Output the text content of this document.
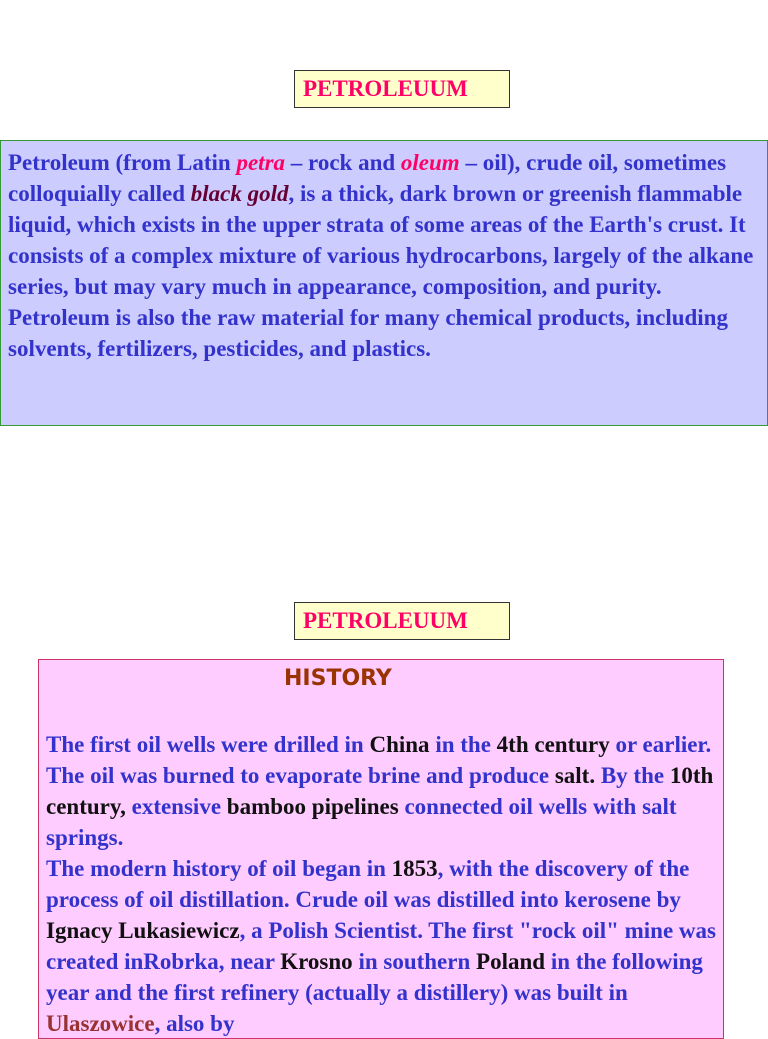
PETROLEUUM
Petroleum (from Latin petra – rock and oleum – oil), crude oil, sometimes colloquially called black gold, is a thick, dark brown or greenish flammable liquid, which exists in the upper strata of some areas of the Earth's crust. It consists of a complex mixture of various hydrocarbons, largely of the alkane series, but may vary much in appearance, composition, and purity. Petroleum is also the raw material for many chemical products, including solvents, fertilizers, pesticides, and plastics.
PETROLEUUM
HISTORY
The first oil wells were drilled in China in the 4th century or earlier. The oil was burned to evaporate brine and produce salt. By the 10th century, extensive bamboo pipelines connected oil wells with salt springs.
The modern history of oil began in 1853, with the discovery of the process of oil distillation. Crude oil was distilled into kerosene by Ignacy Lukasiewicz, a Polish Scientist. The first "rock oil" mine was created inRobrka, near Krosno in southern Poland in the following year and the first refinery (actually a distillery) was built in Ulaszowice, also by
